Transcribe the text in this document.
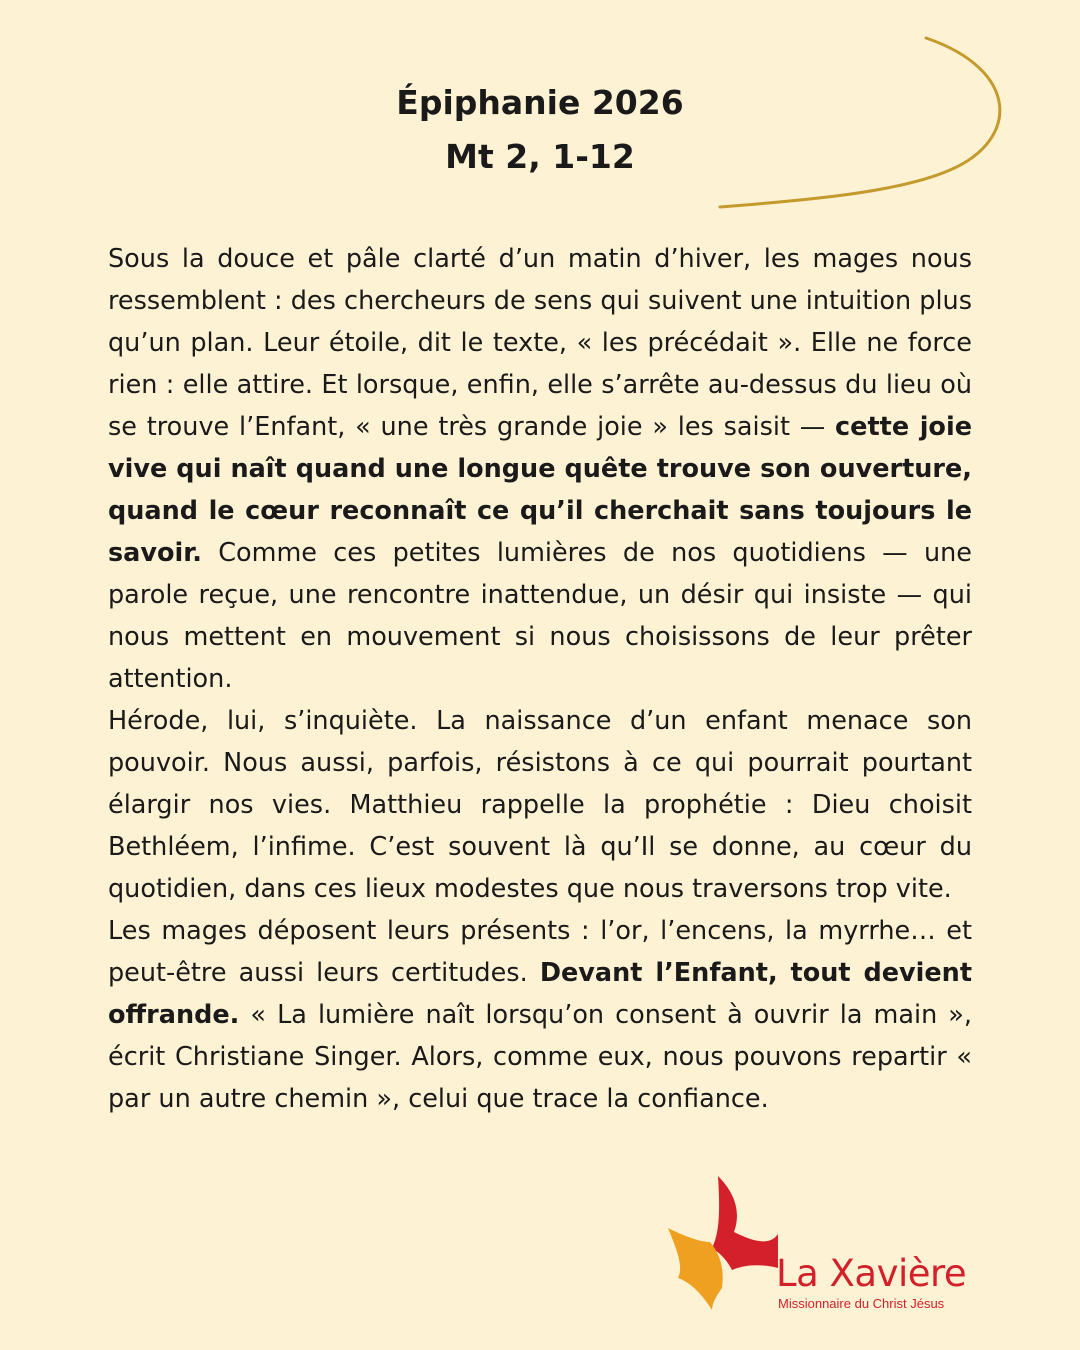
Épiphanie 2026
Mt 2, 1-12

Sous la douce et pâle clarté d’un matin d’hiver, les mages nous ressemblent : des chercheurs de sens qui suivent une intuition plus qu’un plan. Leur étoile, dit le texte, « les précédait ». Elle ne force rien : elle attire. Et lorsque, enfin, elle s’arrête au-dessus du lieu où se trouve l’Enfant, « une très grande joie » les saisit — cette joie vive qui naît quand une longue quête trouve son ouverture, quand le cœur reconnaît ce qu’il cherchait sans toujours le savoir. Comme ces petites lumières de nos quotidiens — une parole reçue, une rencontre inattendue, un désir qui insiste — qui nous mettent en mouvement si nous choisissons de leur prêter attention.

Hérode, lui, s’inquiète. La naissance d’un enfant menace son pouvoir. Nous aussi, parfois, résistons à ce qui pourrait pourtant élargir nos vies. Matthieu rappelle la prophétie : Dieu choisit Bethléem, l’infime. C’est souvent là qu’Il se donne, au cœur du quotidien, dans ces lieux modestes que nous traversons trop vite.

Les mages déposent leurs présents : l’or, l’encens, la myrrhe… et peut-être aussi leurs certitudes. Devant l’Enfant, tout devient offrande. « La lumière naît lorsqu’on consent à ouvrir la main », écrit Christiane Singer. Alors, comme eux, nous pouvons repartir « par un autre chemin », celui que trace la confiance.

La Xavière
Missionnaire du Christ Jésus
